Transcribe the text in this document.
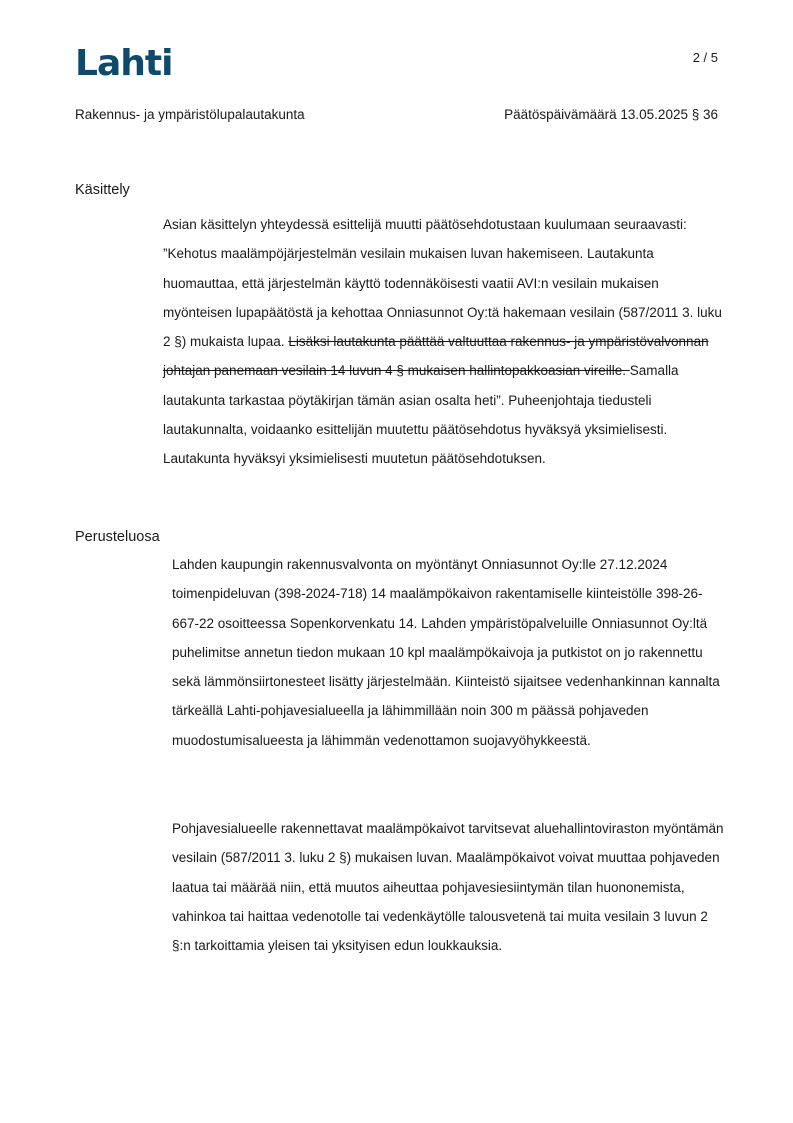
Lahti	2 / 5
Rakennus- ja ympäristölupalautakunta	Päätöspäivämäärä 13.05.2025 § 36
Käsittely

Asian käsittelyn yhteydessä esittelijä muutti päätösehdotustaan kuulumaan seuraavasti: ”Kehotus maalämpöjärjestelmän vesilain mukaisen luvan hakemiseen. Lautakunta huomauttaa, että järjestelmän käyttö todennäköisesti vaatii AVI:n vesilain mukaisen myönteisen lupapäätöstä ja kehottaa Onniasunnot Oy:tä hakemaan vesilain (587/2011 3. luku 2 §) mukaista lupaa. Lisäksi lautakunta päättää valtuuttaa rakennus- ja ympäristövalvonnan johtajan panemaan vesilain 14 luvun 4 § mukaisen hallintopakkoasian vireille. Samalla lautakunta tarkastaa pöytäkirjan tämän asian osalta heti”. Puheenjohtaja tiedusteli lautakunnalta, voidaanko esittelijän muutettu päätösehdotus hyväksyä yksimielisesti. Lautakunta hyväksyi yksimielisesti muutetun päätösehdotuksen.

Perusteluosa

Lahden kaupungin rakennusvalvonta on myöntänyt Onniasunnot Oy:lle 27.12.2024 toimenpideluvan (398-2024-718) 14 maalämpökaivon rakentamiselle kiinteistölle 398-26-667-22 osoitteessa Sopenkorvenkatu 14. Lahden ympäristöpalveluille Onniasunnot Oy:ltä puhelimitse annetun tiedon mukaan 10 kpl maalämpökaivoja ja putkistot on jo rakennettu sekä lämmönsiirtonesteet lisätty järjestelmään. Kiinteistö sijaitsee vedenhankinnan kannalta tärkeällä Lahti-pohjavesialueella ja lähimmillään noin 300 m päässä pohjaveden muodostumisalueesta ja lähimmän vedenottamon suojavyöhykkeestä.

Pohjavesialueelle rakennettavat maalämpökaivot tarvitsevat aluehallintoviraston myöntämän vesilain (587/2011 3. luku 2 §) mukaisen luvan. Maalämpökaivot voivat muuttaa pohjaveden laatua tai määrää niin, että muutos aiheuttaa pohjavesiesiintymän tilan huononemista, vahinkoa tai haittaa vedenotolle tai vedenkäytölle talousvetenä tai muita vesilain 3 luvun 2 §:n tarkoittamia yleisen tai yksityisen edun loukkauksia.
